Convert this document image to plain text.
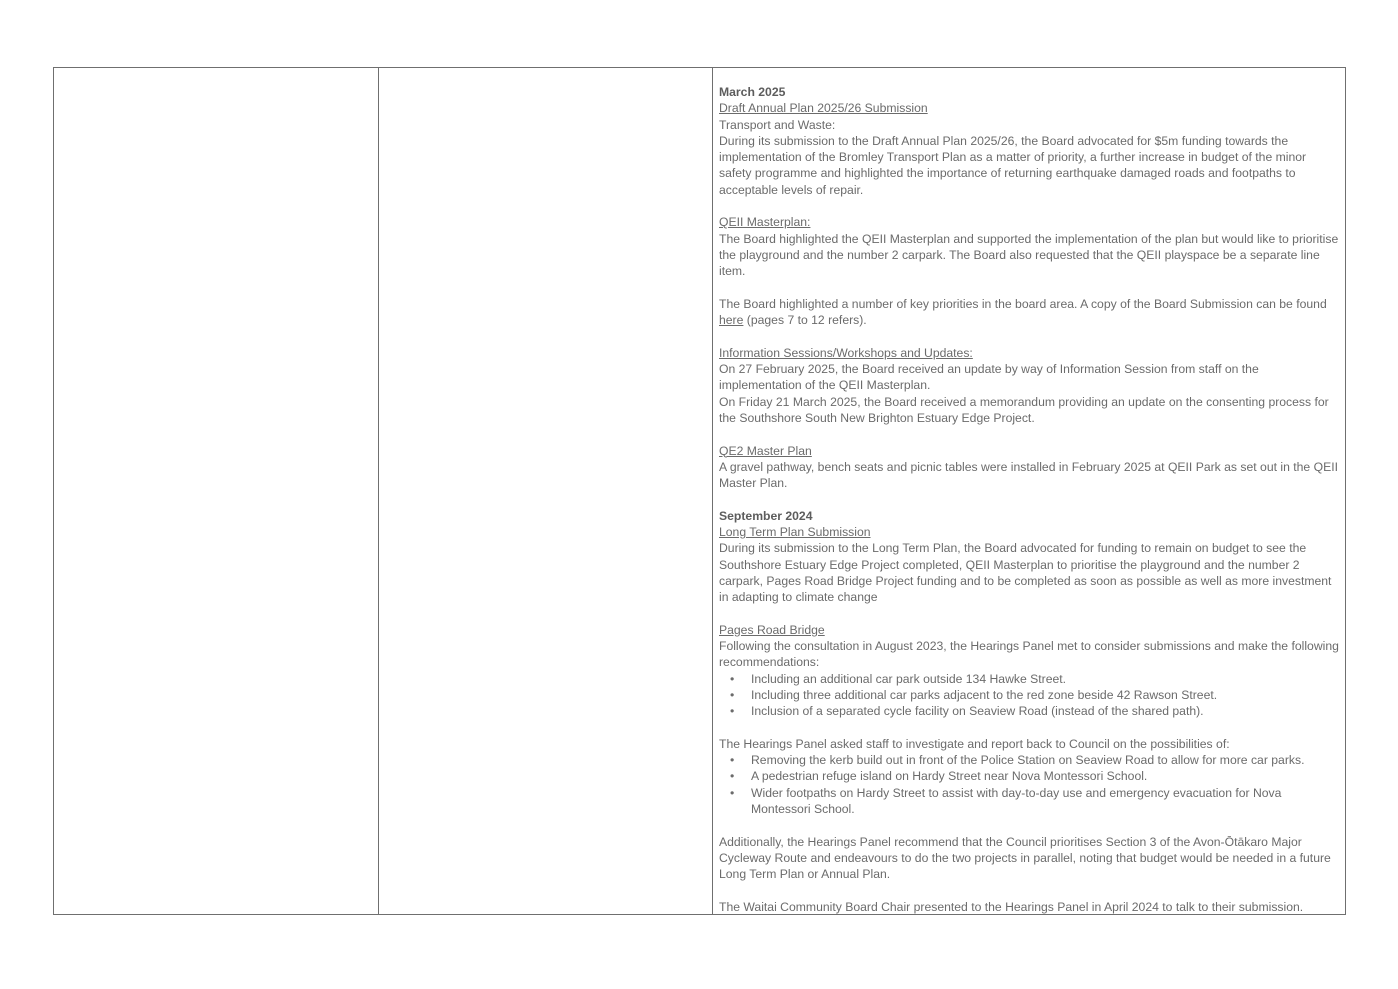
March 2025

Draft Annual Plan 2025/26 Submission

Transport and Waste:

During its submission to the Draft Annual Plan 2025/26, the Board advocated for $5m funding towards the implementation of the Bromley Transport Plan as a matter of priority, a further increase in budget of the minor safety programme and highlighted the importance of returning earthquake damaged roads and footpaths to acceptable levels of repair.

QEII Masterplan:

The Board highlighted the QEII Masterplan and supported the implementation of the plan but would like to prioritise the playground and the number 2 carpark. The Board also requested that the QEII playspace be a separate line item.

The Board highlighted a number of key priorities in the board area. A copy of the Board Submission can be found here (pages 7 to 12 refers).

Information Sessions/Workshops and Updates:

On 27 February 2025, the Board received an update by way of Information Session from staff on the implementation of the QEII Masterplan.

On Friday 21 March 2025, the Board received a memorandum providing an update on the consenting process for the Southshore South New Brighton Estuary Edge Project.

QE2 Master Plan

A gravel pathway, bench seats and picnic tables were installed in February 2025 at QEII Park as set out in the QEII Master Plan.

September 2024

Long Term Plan Submission

During its submission to the Long Term Plan, the Board advocated for funding to remain on budget to see the Southshore Estuary Edge Project completed, QEII Masterplan to prioritise the playground and the number 2 carpark, Pages Road Bridge Project funding and to be completed as soon as possible as well as more investment in adapting to climate change

Pages Road Bridge

Following the consultation in August 2023, the Hearings Panel met to consider submissions and make the following recommendations:

• Including an additional car park outside 134 Hawke Street.
• Including three additional car parks adjacent to the red zone beside 42 Rawson Street.
• Inclusion of a separated cycle facility on Seaview Road (instead of the shared path).

The Hearings Panel asked staff to investigate and report back to Council on the possibilities of:

• Removing the kerb build out in front of the Police Station on Seaview Road to allow for more car parks.
• A pedestrian refuge island on Hardy Street near Nova Montessori School.
• Wider footpaths on Hardy Street to assist with day-to-day use and emergency evacuation for Nova Montessori School.

Additionally, the Hearings Panel recommend that the Council prioritises Section 3 of the Avon-Ōtākaro Major Cycleway Route and endeavours to do the two projects in parallel, noting that budget would be needed in a future Long Term Plan or Annual Plan.

The Waitai Community Board Chair presented to the Hearings Panel in April 2024 to talk to their submission.
